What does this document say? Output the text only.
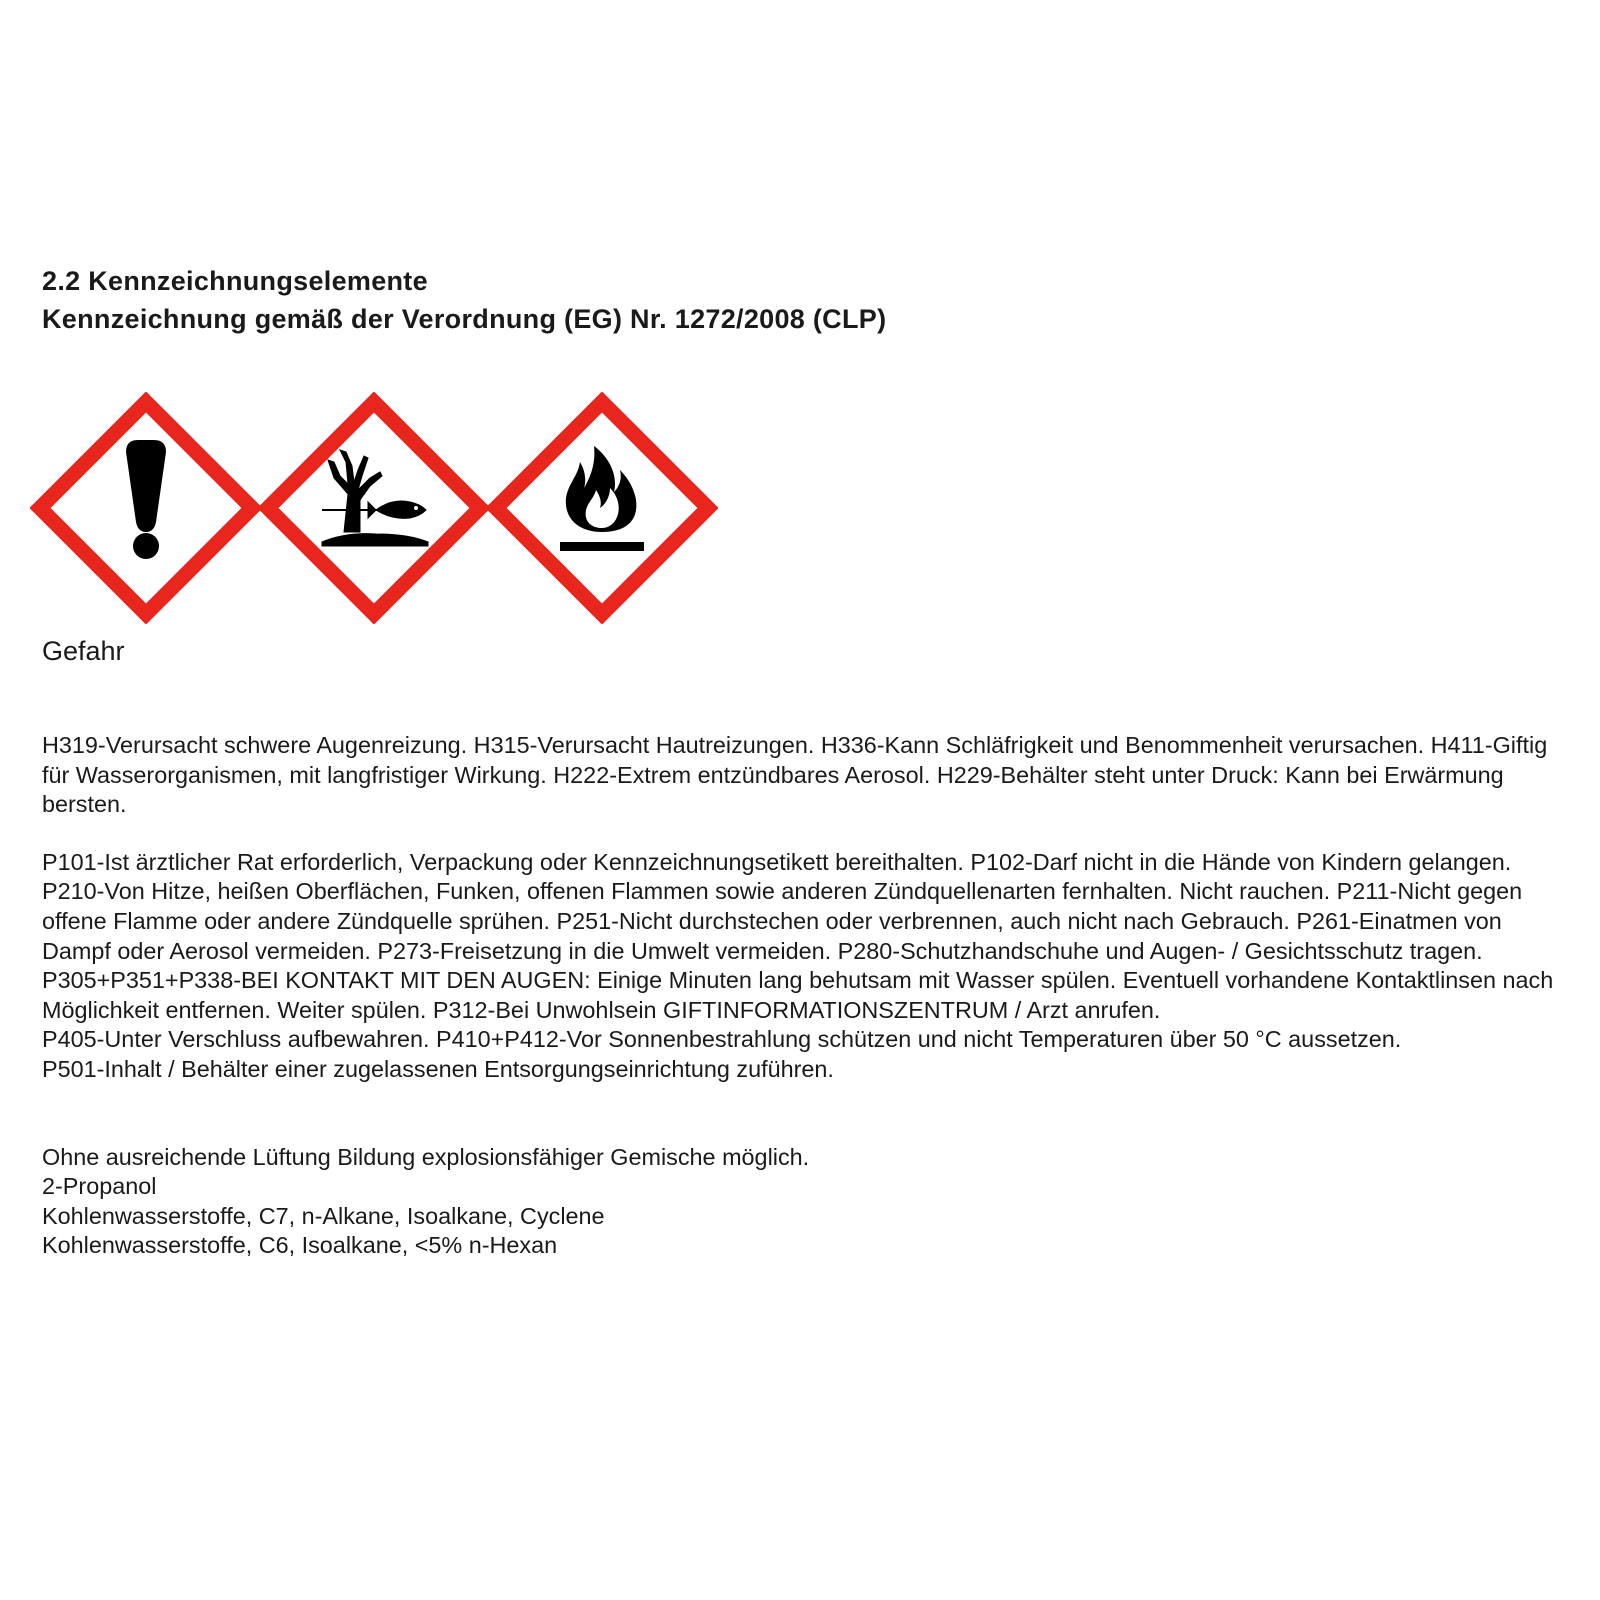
2.2 Kennzeichnungselemente
Kennzeichnung gemäß der Verordnung (EG) Nr. 1272/2008 (CLP)

Gefahr

H319-Verursacht schwere Augenreizung. H315-Verursacht Hautreizungen. H336-Kann Schläfrigkeit und Benommenheit verursachen. H411-Giftig für Wasserorganismen, mit langfristiger Wirkung. H222-Extrem entzündbares Aerosol. H229-Behälter steht unter Druck: Kann bei Erwärmung bersten.

P101-Ist ärztlicher Rat erforderlich, Verpackung oder Kennzeichnungsetikett bereithalten. P102-Darf nicht in die Hände von Kindern gelangen.

P210-Von Hitze, heißen Oberflächen, Funken, offenen Flammen sowie anderen Zündquellenarten fernhalten. Nicht rauchen. P211-Nicht gegen offene Flamme oder andere Zündquelle sprühen. P251-Nicht durchstechen oder verbrennen, auch nicht nach Gebrauch. P261-Einatmen von Dampf oder Aerosol vermeiden. P273-Freisetzung in die Umwelt vermeiden. P280-Schutzhandschuhe und Augen- / Gesichtsschutz tragen.

P305+P351+P338-BEI KONTAKT MIT DEN AUGEN: Einige Minuten lang behutsam mit Wasser spülen. Eventuell vorhandene Kontaktlinsen nach Möglichkeit entfernen. Weiter spülen. P312-Bei Unwohlsein GIFTINFORMATIONSZENTRUM / Arzt anrufen.

P405-Unter Verschluss aufbewahren. P410+P412-Vor Sonnenbestrahlung schützen und nicht Temperaturen über 50 °C aussetzen.

P501-Inhalt / Behälter einer zugelassenen Entsorgungseinrichtung zuführen.

Ohne ausreichende Lüftung Bildung explosionsfähiger Gemische möglich.

2-Propanol

Kohlenwasserstoffe, C7, n-Alkane, Isoalkane, Cyclene

Kohlenwasserstoffe, C6, Isoalkane, <5% n-Hexan
